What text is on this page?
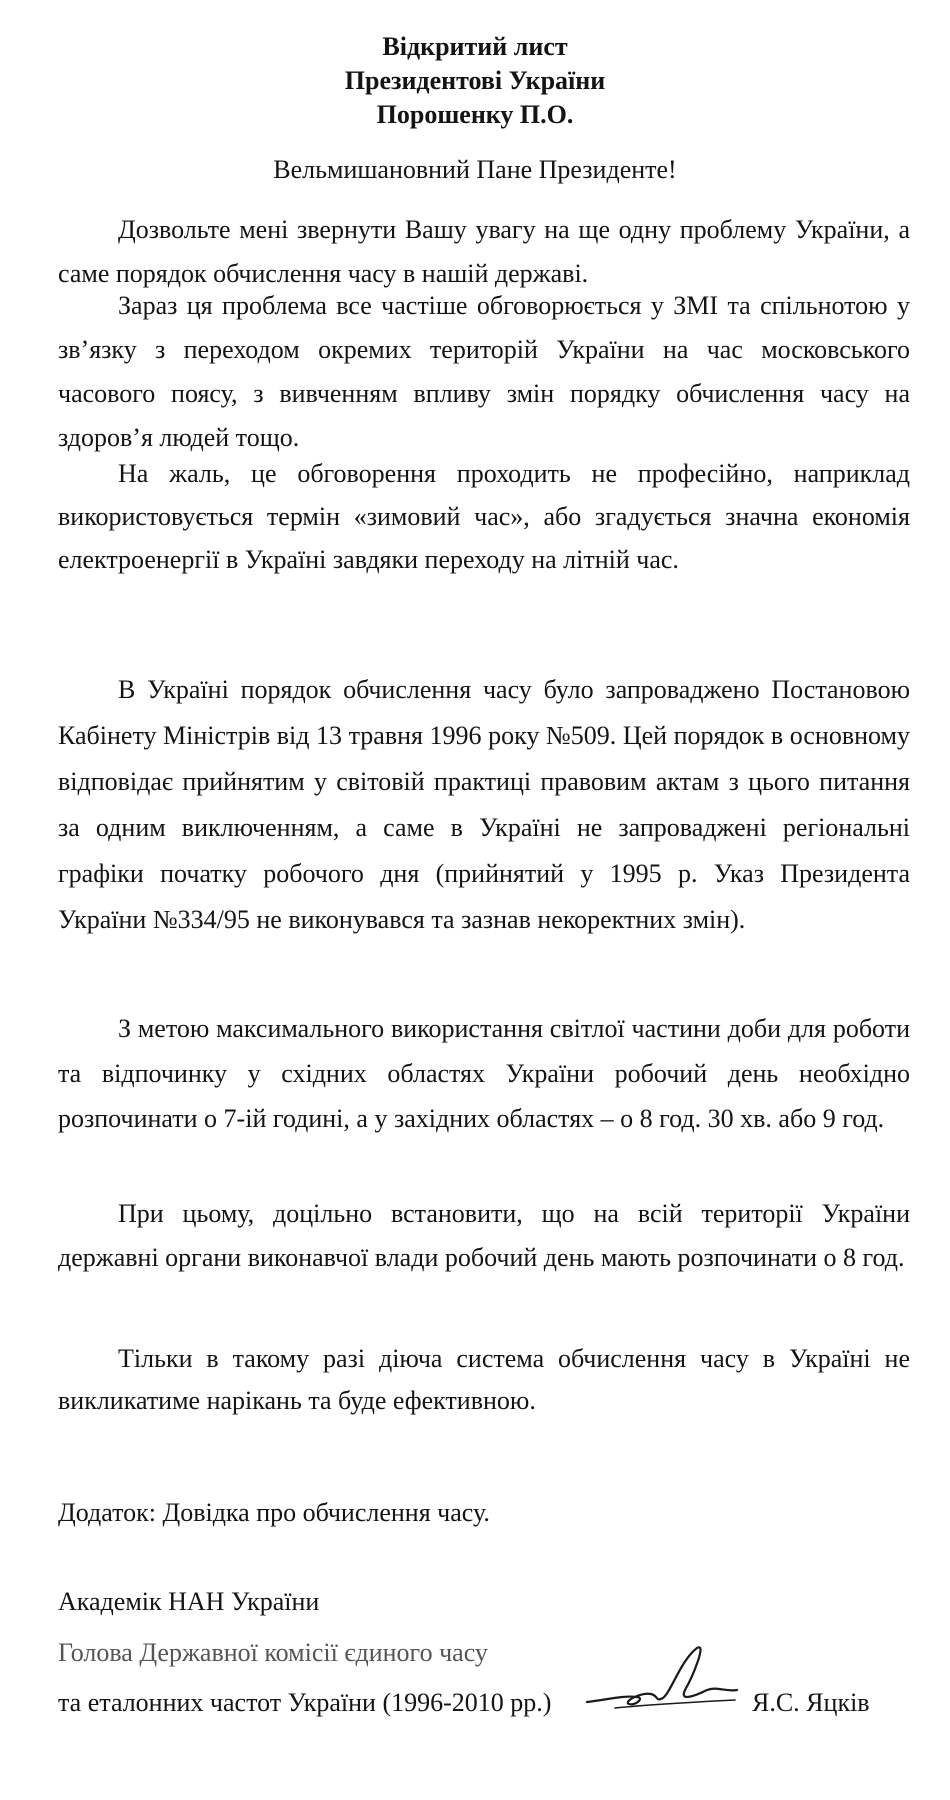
Відкритий лист
Президентові України
Порошенку П.О.
Вельмишановний Пане Президенте!

Дозвольте мені звернути Вашу увагу на ще одну проблему України, а саме порядок обчислення часу в нашій державі.

Зараз ця проблема все частіше обговорюється у ЗМІ та спільнотою у зв’язку з переходом окремих територій України на час московського часового поясу, з вивченням впливу змін порядку обчислення часу на здоров’я людей тощо.

На жаль, це обговорення проходить не професійно, наприклад використовується термін «зимовий час», або згадується значна економія електроенергії в Україні завдяки переходу на літній час.

В Україні порядок обчислення часу було запроваджено Постановою Кабінету Міністрів від 13 травня 1996 року №509. Цей порядок в основному відповідає прийнятим у світовій практиці правовим актам з цього питання за одним виключенням, а саме в Україні не запроваджені регіональні графіки початку робочого дня (прийнятий у 1995 р. Указ Президента України №334/95 не виконувався та зазнав некоректних змін).

З метою максимального використання світлої частини доби для роботи та відпочинку у східних областях України робочий день необхідно розпочинати о 7-ій годині, а у західних областях – о 8 год. 30 хв. або 9 год.

При цьому, доцільно встановити, що на всій території України державні органи виконавчої влади робочий день мають розпочинати о 8 год.

Тільки в такому разі діюча система обчислення часу в Україні не викликатиме нарікань та буде ефективною.

Додаток: Довідка про обчислення часу.

Академік НАН України

Голова Державної комісії єдиного часу

та еталонних частот України (1996-2010 рр.)	Я.С. Яцків
